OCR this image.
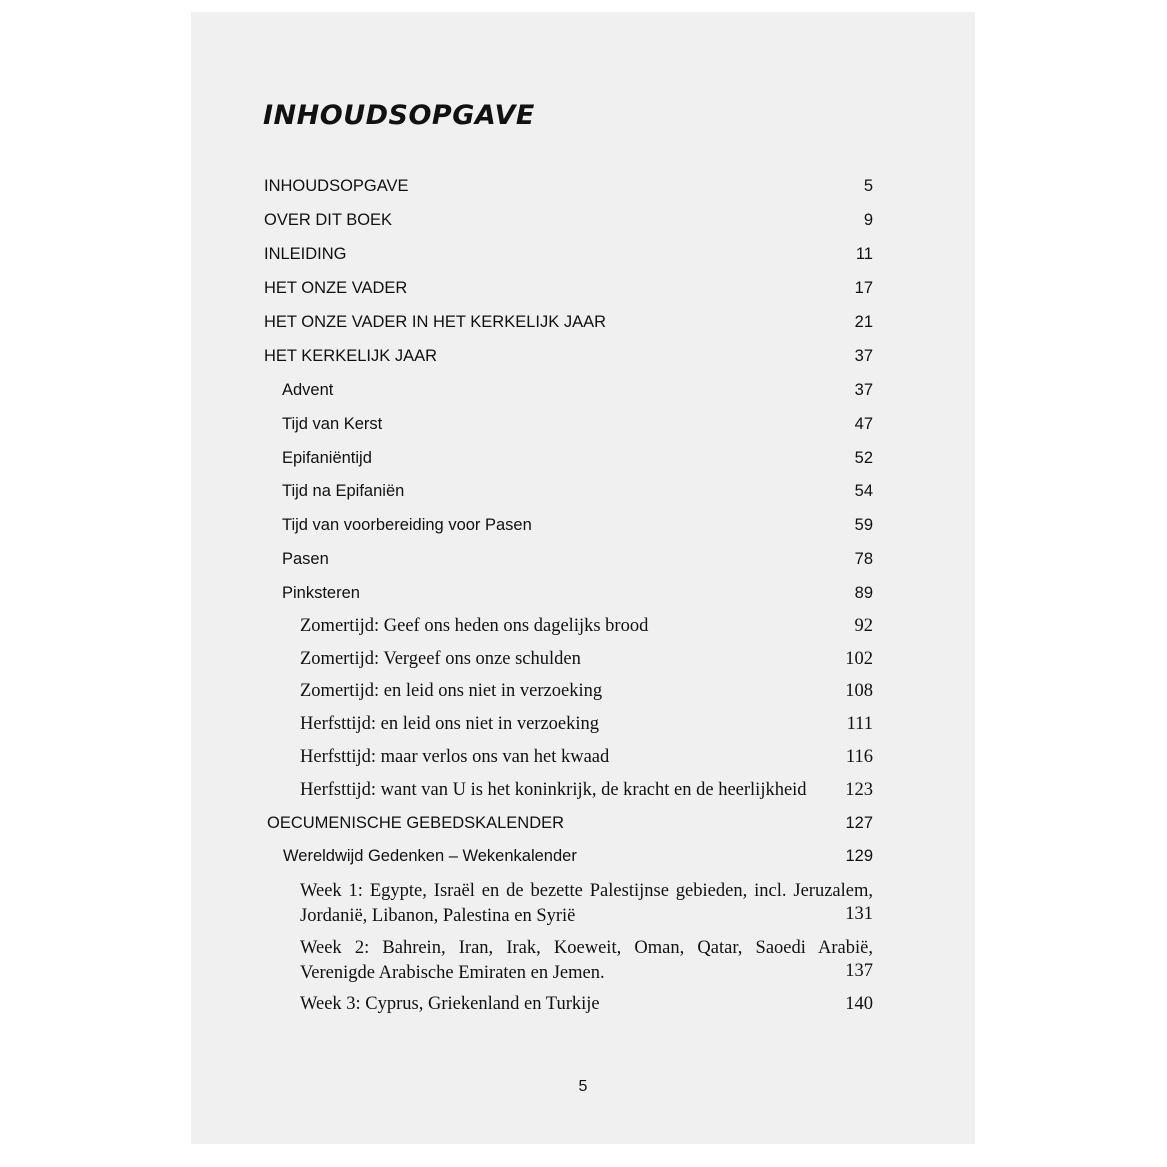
INHOUDSOPGAVE
INHOUDSOPGAVE	5
OVER DIT BOEK	9
INLEIDING	11
HET ONZE VADER	17
HET ONZE VADER IN HET KERKELIJK JAAR	21
HET KERKELIJK JAAR	37
Advent	37
Tijd van Kerst	47
Epifaniëntijd	52
Tijd na Epifaniën	54
Tijd van voorbereiding voor Pasen	59
Pasen	78
Pinksteren	89
Zomertijd: Geef ons heden ons dagelijks brood	92
Zomertijd: Vergeef ons onze schulden	102
Zomertijd: en leid ons niet in verzoeking	108
Herfsttijd: en leid ons niet in verzoeking	111
Herfsttijd: maar verlos ons van het kwaad	116
Herfsttijd: want van U is het koninkrijk, de kracht en de heerlijkheid 123
OECUMENISCHE GEBEDSKALENDER	127
Wereldwijd Gedenken – Wekenkalender	129
Week 1: Egypte, Israël en de bezette Palestijnse gebieden, incl. Jeruzalem, Jordanië, Libanon, Palestina en Syrië	131
Week 2: Bahrein, Iran, Irak, Koeweit, Oman, Qatar, Saoedi Arabië, Verenigde Arabische Emiraten en Jemen.	137
Week 3: Cyprus, Griekenland en Turkije	140
5
